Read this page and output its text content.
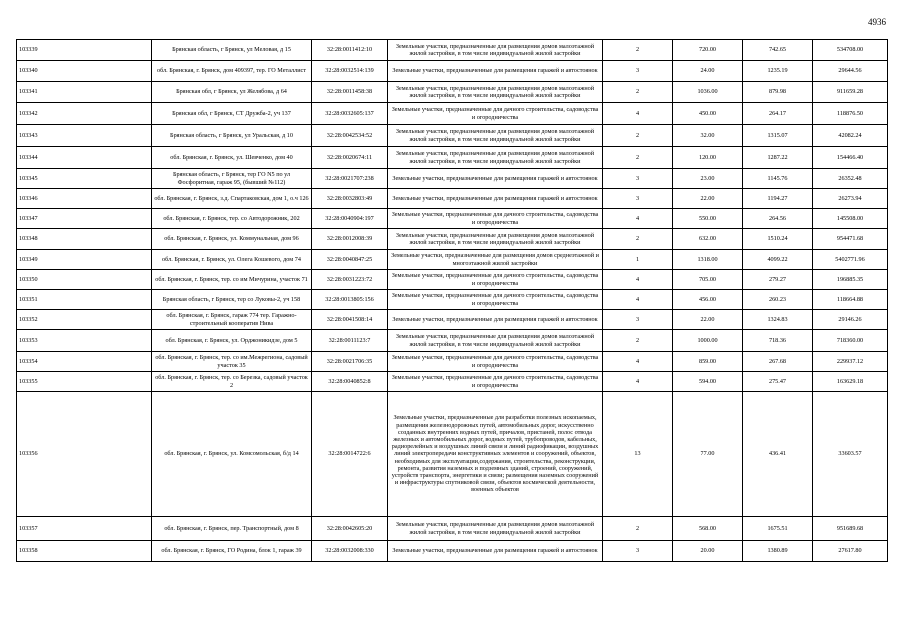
4936
103339	Брянская область, г Брянск, ул Меловая, д 15	32:28:0011412:10	Земельные участки, предназначенные для размещения домов малоэтажной жилой застройки, в том числе индивидуальной жилой застройки	2	720.00	742.65	534708.00
103340	обл. Брянская, г. Брянск, дом 409397, тер. ГО Металлист	32:28:0032514:139	Земельные участки, предназначенные для размещения гаражей и автостоянок	3	24.00	1235.19	29644.56
103341	Брянская обл, г Брянск, ул Желябова, д 64	32:28:0011458:38	Земельные участки, предназначенные для размещения домов малоэтажной жилой застройки, в том числе индивидуальной жилой застройки	2	1036.00	879.98	911659.28
103342	Брянская обл, г Брянск, СТ Дружба-2, уч 137	32:28:0032605:137	Земельные участки, предназначенные для дачного строительства, садоводства и огородничества	4	450.00	264.17	118876.50
103343	Брянская область, г Брянск, ул Уральская, д 10	32:28:0042534:52	Земельные участки, предназначенные для размещения домов малоэтажной жилой застройки, в том числе индивидуальной жилой застройки	2	32.00	1315.07	42082.24
103344	обл. Брянская, г. Брянск, ул. Шевченко, дом 40	32:28:0020674:11	Земельные участки, предназначенные для размещения домов малоэтажной жилой застройки, в том числе индивидуальной жилой застройки	2	120.00	1287.22	154466.40
103345	Брянская область, г Брянск, тер ГО N5 по ул Фосфоритная, гараж 95, (бывший №112)	32:28:0021707:238	Земельные участки, предназначенные для размещения гаражей и автостоянок	3	23.00	1145.76	26352.48
103346	обл. Брянская, г. Брянск, з.д. Спартаковская, дом 1, о.ч 126	32:28:0032803:49	Земельные участки, предназначенные для размещения гаражей и автостоянок	3	22.00	1194.27	26273.94
103347	обл. Брянская, г. Брянск, тер. со Автодорожник, 202	32:28:0040904:197	Земельные участки, предназначенные для дачного строительства, садоводства и огородничества	4	550.00	264.56	145508.00
103348	обл. Брянская, г. Брянск, ул. Коммунальная, дом 96	32:28:0012008:39	Земельные участки, предназначенные для размещения домов малоэтажной жилой застройки, в том числе индивидуальной жилой застройки	2	632.00	1510.24	954471.68
103349	обл. Брянская, г. Брянск, ул. Олега Кошевого, дом 74	32:28:0040847:25	Земельные участки, предназначенные для размещения домов среднеэтажной и многоэтажной жилой застройки	1	1318.00	4099.22	5402771.96
103350	обл. Брянская, г. Брянск, тер. со им Мичурина, участок 71	32:28:0031223:72	Земельные участки, предназначенные для дачного строительства, садоводства и огородничества	4	705.00	279.27	196885.35
103351	Брянская область, г Брянск, тер со Луковы-2, уч 158	32:28:0013805:156	Земельные участки, предназначенные для дачного строительства, садоводства и огородничества	4	456.00	260.23	118664.88
103352	обл. Брянская, г. Брянск, гараж 774 тер. Гаражно-строительный кооператив Нива	32:28:0041508:14	Земельные участки, предназначенные для размещения гаражей и автостоянок	3	22.00	1324.83	29146.26
103353	обл. Брянская, г. Брянск, ул. Орджоникидзе, дом 5	32:28:0011123:7	Земельные участки, предназначенные для размещения домов малоэтажной жилой застройки, в том числе индивидуальной жилой застройки	2	1000.00	718.36	718360.00
103354	обл. Брянская, г. Брянск, тер. со им.Межрегиона, садовый участок 35	32:28:0021706:35	Земельные участки, предназначенные для дачного строительства, садоводства и огородничества	4	859.00	267.68	229937.12
103355	обл. Брянская, г. Брянск, тер. со Березка, садовый участок 2	32:28:0040852:8	Земельные участки, предназначенные для дачного строительства, садоводства и огородничества	4	594.00	275.47	163629.18
103356	обл. Брянская, г. Брянск, ул. Комсомольская, б/д 14	32:28:0014722:6	Земельные участки, предназначенные для разработки полезных ископаемых, размещения железнодорожных путей, автомобильных дорог, искусственно созданных внутренних водных путей, причалов, пристаней, полос отвода железных и автомобильных дорог, водных путей, трубопроводов, кабельных, радиорелейных и воздушных линий связи и линий радиофикации, воздушных линий электропередачи конструктивных элементов и сооружений, объектов, необходимых для эксплуатации,содержания, строительства, реконструкции, ремонта, развития наземных и подземных зданий, строений, сооружений, устройств транспорта, энергетики и связи; размещения наземных сооружений и инфраструктуры спутниковой связи, объектов космической деятельности, военных объектов	13	77.00	436.41	33603.57
103357	обл. Брянская, г. Брянск, пер. Транспортный, дом 8	32:28:0042605:20	Земельные участки, предназначенные для размещения домов малоэтажной жилой застройки, в том числе индивидуальной жилой застройки	2	568.00	1675.51	951689.68
103358	обл. Брянская, г. Брянск, ГО Родина, блок 1, гараж 39	32:28:0032008:330	Земельные участки, предназначенные для размещения гаражей и автостоянок	3	20.00	1380.89	27617.80
